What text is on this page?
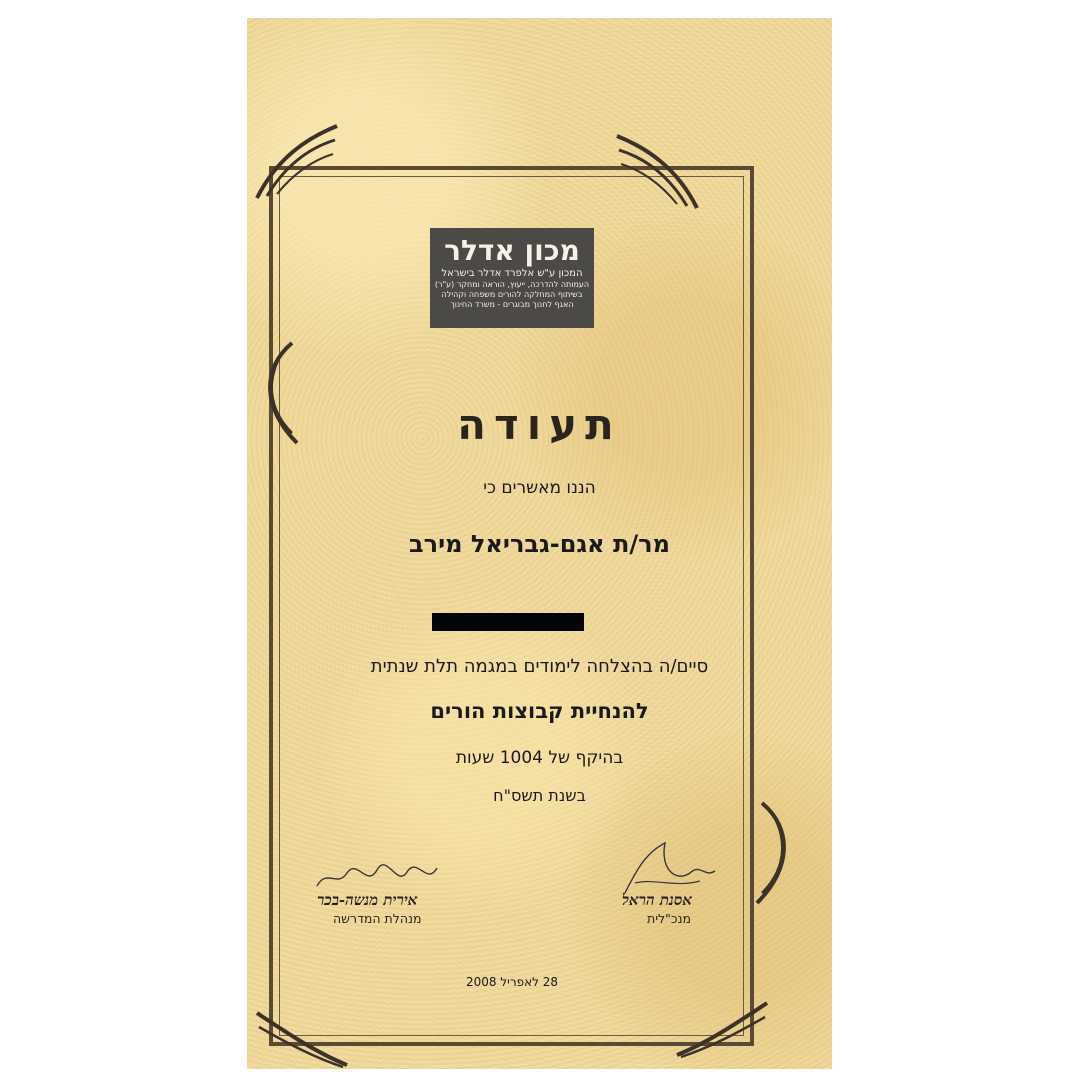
מכון אדלר
המכון ע"ש אלפרד אדלר בישראל
העמותה להדרכה, ייעוץ, הוראה ומחקר (ע"ר)
בשיתוף המחלקה להורים משפחה וקהילה
האגף לחנוך מבוגרים - משרד החינוך
תעודה
הננו מאשרים כי
מר/ת אגם-גבריאל מירב
סיים/ה בהצלחה לימודים במגמה תלת שנתית
להנחיית קבוצות הורים
בהיקף של 1004 שעות
בשנת תשס"ח
אירית מנשה-בכר
מנהלת המדרשה
אסנת הראל
מנכ"לית
28 לאפריל 2008
